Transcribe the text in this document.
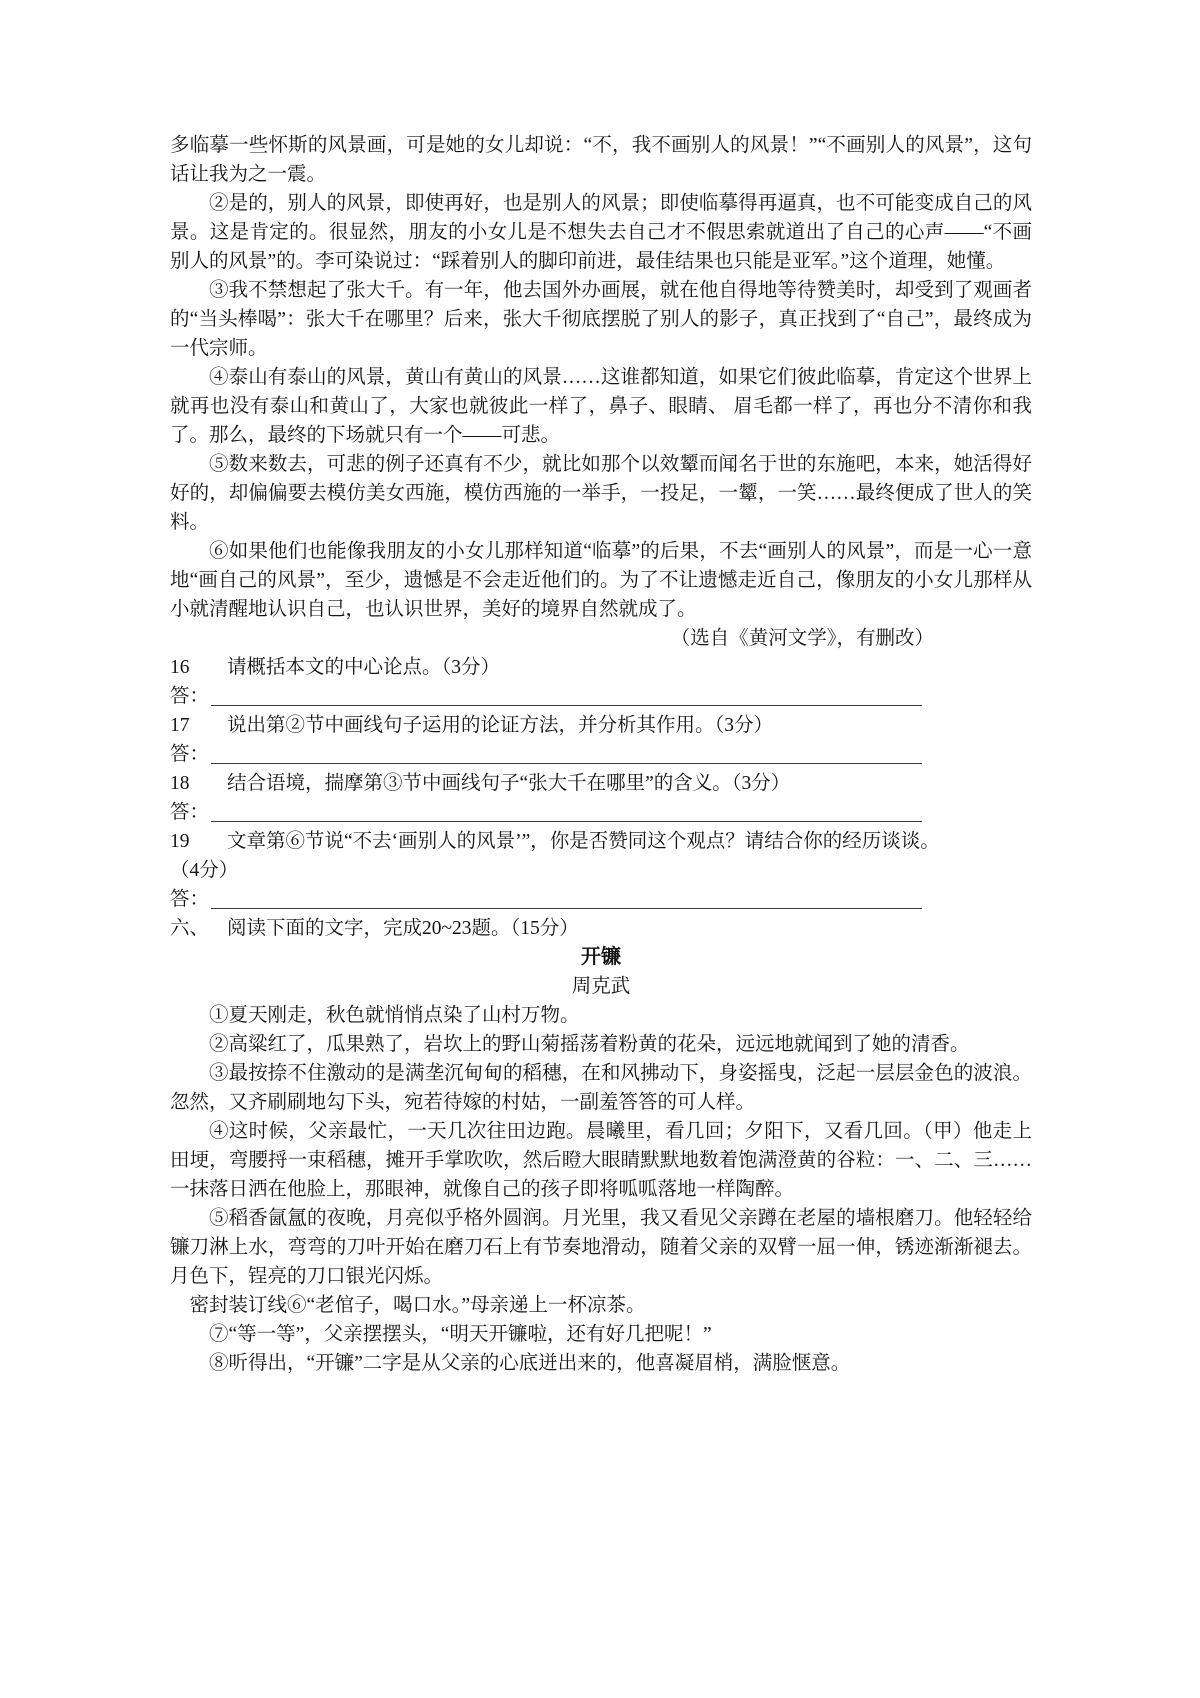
多临摹一些怀斯的风景画，可是她的女儿却说：“不，我不画别人的风景！”“不画别人的风景”，这句话让我为之一震。

②是的，别人的风景，即使再好，也是别人的风景；即使临摹得再逼真，也不可能变成自己的风景。这是肯定的。很显然，朋友的小女儿是不想失去自己才不假思索就道出了自己的心声——“不画别人的风景”的。李可染说过：“踩着别人的脚印前进，最佳结果也只能是亚军。”这个道理，她懂。

③我不禁想起了张大千。有一年，他去国外办画展，就在他自得地等待赞美时，却受到了观画者的“当头棒喝”：张大千在哪里？后来，张大千彻底摆脱了别人的影子，真正找到了“自己”，最终成为一代宗师。

④泰山有泰山的风景，黄山有黄山的风景……这谁都知道，如果它们彼此临摹，肯定这个世界上就再也没有泰山和黄山了，大家也就彼此一样了，鼻子、眼睛、 眉毛都一样了，再也分不清你和我了。那么，最终的下场就只有一个——可悲。

⑤数来数去，可悲的例子还真有不少，就比如那个以效颦而闻名于世的东施吧，本来，她活得好好的，却偏偏要去模仿美女西施，模仿西施的一举手，一投足，一颦，一笑……最终便成了世人的笑料。

⑥如果他们也能像我朋友的小女儿那样知道“临摹”的后果，不去“画别人的风景”，而是一心一意地“画自己的风景”，至少，遗憾是不会走近他们的。为了不让遗憾走近自己，像朋友的小女儿那样从小就清醒地认识自己，也认识世界，美好的境界自然就成了。

（选自《黄河文学》，有删改）

16	请概括本文的中心论点。（3分）
答：
17	说出第②节中画线句子运用的论证方法，并分析其作用。（3分）
答：
18	结合语境，揣摩第③节中画线句子“张大千在哪里”的含义。（3分）
答：
19	文章第⑥节说“不去‘画别人的风景’”，你是否赞同这个观点？请结合你的经历谈谈。

（4分）

答：
六、 阅读下面的文字，完成20~23题。（15分）

开镰

周克武

①夏天刚走，秋色就悄悄点染了山村万物。

②高粱红了，瓜果熟了，岩坎上的野山菊摇荡着粉黄的花朵，远远地就闻到了她的清香。

③最按捺不住激动的是满垄沉甸甸的稻穗，在和风拂动下，身姿摇曳，泛起一层层金色的波浪。忽然，又齐刷刷地勾下头，宛若待嫁的村姑，一副羞答答的可人样。

④这时候，父亲最忙，一天几次往田边跑。晨曦里，看几回；夕阳下，又看几回。（甲）他走上田埂，弯腰捋一束稻穗，摊开手掌吹吹，然后瞪大眼睛默默地数着饱满澄黄的谷粒：一、二、三……一抹落日洒在他脸上，那眼神，就像自己的孩子即将呱呱落地一样陶醉。

⑤稻香氤氲的夜晚，月亮似乎格外圆润。月光里，我又看见父亲蹲在老屋的墙根磨刀。他轻轻给镰刀淋上水，弯弯的刀叶开始在磨刀石上有节奏地滑动，随着父亲的双臂一屈一伸，锈迹渐渐褪去。月色下，锃亮的刀口银光闪烁。

密封装订线⑥“老倌子，喝口水。”母亲递上一杯凉茶。

⑦“等一等”，父亲摆摆头，“明天开镰啦，还有好几把呢！”

⑧听得出，“开镰”二字是从父亲的心底迸出来的，他喜凝眉梢，满脸惬意。
